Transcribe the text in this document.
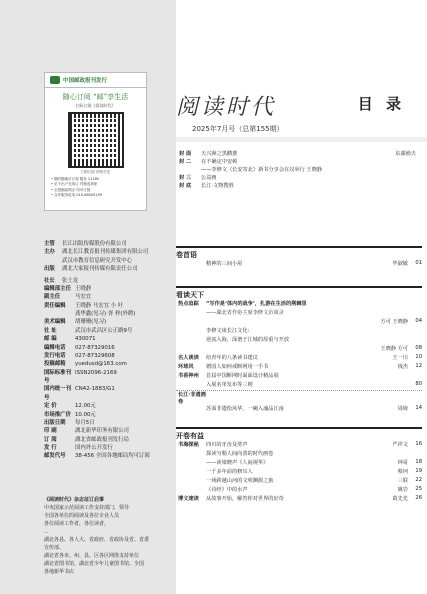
中国邮政报刊发行
随心订阅 “邮”享生活
扫码订阅《阅读时代》
扫码订阅 即刻享受
• 随时随地可订阅 服务 11185
• 足不出户在线订 刊物送到家
• 全国邮政网点 均可订阅
• 合作服务电话 010-68009199
主管	长江出版传媒股份有限公司
主办	湖北长江教育报刊传媒集团有限公司
武汉市教育信息研究开发中心
出版	湖北大家报刊传媒有限责任公司
社长	张土龙
编辑部主任 王晓静
副主任	马宏宜
责任编辑	王晓静 马宏宜 小 叶
龚华鑫(见习) 胥 梓(外聘)
美术编辑	胡珊珊(见习)
社 址	武汉市武昌区公正路9号
邮 编	430071
编辑电话	027-87329016
发行电话	027-87329608
投稿邮箱	yuedusd@163.com
国际标准刊号
ISSN2096-2169
国内统一刊号
CN42-1883/G1
定 价	12.00元
市场推广价 10.00元
出版日期	每月5日
印 刷	湖北新华印务有限公司
订 阅	湖北省邮政报刊发行局
发 行	国内外公开发行
邮发代号	38-456 全国各地邮局均可订阅
《阅读时代》杂志征订启事
中央国家示范阅读工作支持部门，领导
全国各单位的阅读及各位专业人员
各位阅读工作者，各位读者，
...
湖北各县、各人大、省政府、省政协及省、省委
宣传部、
湖北省各市、州、县、区各区网络支持单位
湖北省图书馆、湖北省少年儿童图书馆、全国
各地新华书店
阅读时代	目 录
2025年7月号（总第155期）
封 面	天兴洲之黑鹳薏	东湖渔夫
封 二	在不确定中安顿
——李修文《长安寄北》新书分享会在汉举行 王晓静
封 三	公益画
封 底	长江·文物搜胜
卷首语
精神的三间小屋	毕淑敏	01
看读天下
热点追踪	“写作是‘体内的战争’，扎游在生活的荆棘里
——湖北省作协主席李修文访谈录
方可 王晓静	04
李修文谈长江文化：
逆流入海，深谱于江城的厚重与开放
王晓静 方可	08
名人谈读	给青年的八条读书建议	王一川	10
环球风	德国人如何戒断网用一手书	钱杰	12
书香神州	首届中国断网时面面设计精品展
入展名单发布等三则	80
长江·非遗画卷
苏面非遗绘风华，一碗入魂品江南	周绮	14
开卷有益
书海探秘	四川的牙齿及蒡声	严祥文	16
探读匀勒人间向善的时代画卷
——读梁晓声《人间视华》	钟哥	18
一千多年前的修耳人	蔡珂	19
一场跨越山河的文明渊源之旅	三联	22
《诗经》中的水声	姚岩	25
博文速读	从故事开始，解答你对世界的好奇	葛先光	26
